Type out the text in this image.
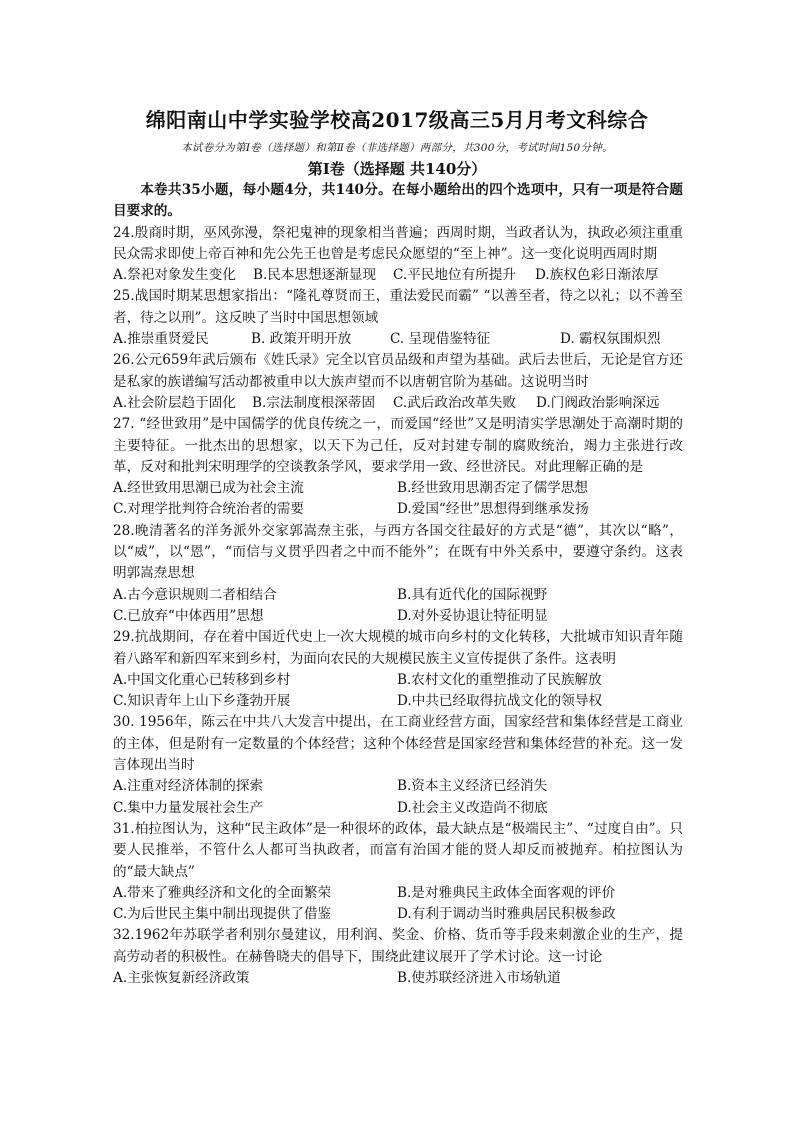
绵阳南山中学实验学校高2017级高三5月月考文科综合
本试卷分为第Ⅰ卷（选择题）和第Ⅱ卷（非选择题）两部分，共300分，考试时间150分钟。
第Ⅰ卷（选择题 共140分）

本卷共35小题，每小题4分，共140分。在每小题给出的四个选项中，只有一项是符合题目要求的。

24.殷商时期，巫风弥漫，祭祀鬼神的现象相当普遍；西周时期，当政者认为，执政必须注重重民众需求即使上帝百神和先公先王也曾是考虑民众愿望的“至上神”。这一变化说明西周时期

A.祭祀对象发生变化	B.民本思想逐渐显现	C.平民地位有所提升	D.族权色彩日渐浓厚

25.战国时期某思想家指出：“隆礼尊贤而王，重法爱民而霸” “以善至者，待之以礼；以不善至者，待之以刑”。这反映了当时中国思想领域

A.推崇重贤爱民	B. 政策开明开放	C. 呈现借鉴特征	D. 霸权氛围炽烈

26.公元659年武后颁布《姓氏录》完全以官员品级和声望为基础。武后去世后，无论是官方还是私家的族谱编写活动都被重申以大族声望而不以唐朝官阶为基础。这说明当时

A.社会阶层趋于固化	B.宗法制度根深蒂固	C.武后政治改革失败	D.门阀政治影响深远

27. “经世致用”是中国儒学的优良传统之一，而爱国“经世”又是明清实学思潮处于高潮时期的主要特征。一批杰出的思想家，以天下为己任，反对封建专制的腐败统治，竭力主张进行改革，反对和批判宋明理学的空谈教条学风，要求学用一致、经世济民。对此理解正确的是

A.经世致用思潮已成为社会主流	B.经世致用思潮否定了儒学思想
C.对理学批判符合统治者的需要	D.爱国“经世”思想得到继承发扬

28.晚清著名的洋务派外交家郭嵩焘主张，与西方各国交往最好的方式是“德”，其次以“略”，以“威”，以“恩”，“而信与义贯乎四者之中而不能外”；在既有中外关系中，要遵守条约。这表明郭嵩焘思想

A.古今意识规则二者相结合	B.具有近代化的国际视野
C.已放弃“中体西用”思想	D.对外妥协退让特征明显

29.抗战期间，存在着中国近代史上一次大规模的城市向乡村的文化转移，大批城市知识青年随着八路军和新四军来到乡村，为面向农民的大规模民族主义宣传提供了条件。这表明

A.中国文化重心已转移到乡村	B.农村文化的重塑推动了民族解放
C.知识青年上山下乡蓬勃开展	D.中共已经取得抗战文化的领导权

30. 1956年，陈云在中共八大发言中提出，在工商业经营方面，国家经营和集体经营是工商业的主体，但是附有一定数量的个体经营；这种个体经营是国家经营和集体经营的补充。这一发言体现出当时

A.注重对经济体制的探索	B.资本主义经济已经消失
C.集中力量发展社会生产	D.社会主义改造尚不彻底

31.柏拉图认为，这种“民主政体”是一种很坏的政体，最大缺点是“极端民主”、“过度自由”。只要人民推举，不管什么人都可当执政者，而富有治国才能的贤人却反而被抛弃。柏拉图认为的“最大缺点”

A.带来了雅典经济和文化的全面繁荣	B.是对雅典民主政体全面客观的评价
C.为后世民主集中制出现提供了借鉴	D.有利于调动当时雅典居民积极参政

32.1962年苏联学者利别尔曼建议，用利润、奖金、价格、货币等手段来刺激企业的生产，提高劳动者的积极性。在赫鲁晓夫的倡导下，围绕此建议展开了学术讨论。这一讨论

A.主张恢复新经济政策	B.使苏联经济进入市场轨道
